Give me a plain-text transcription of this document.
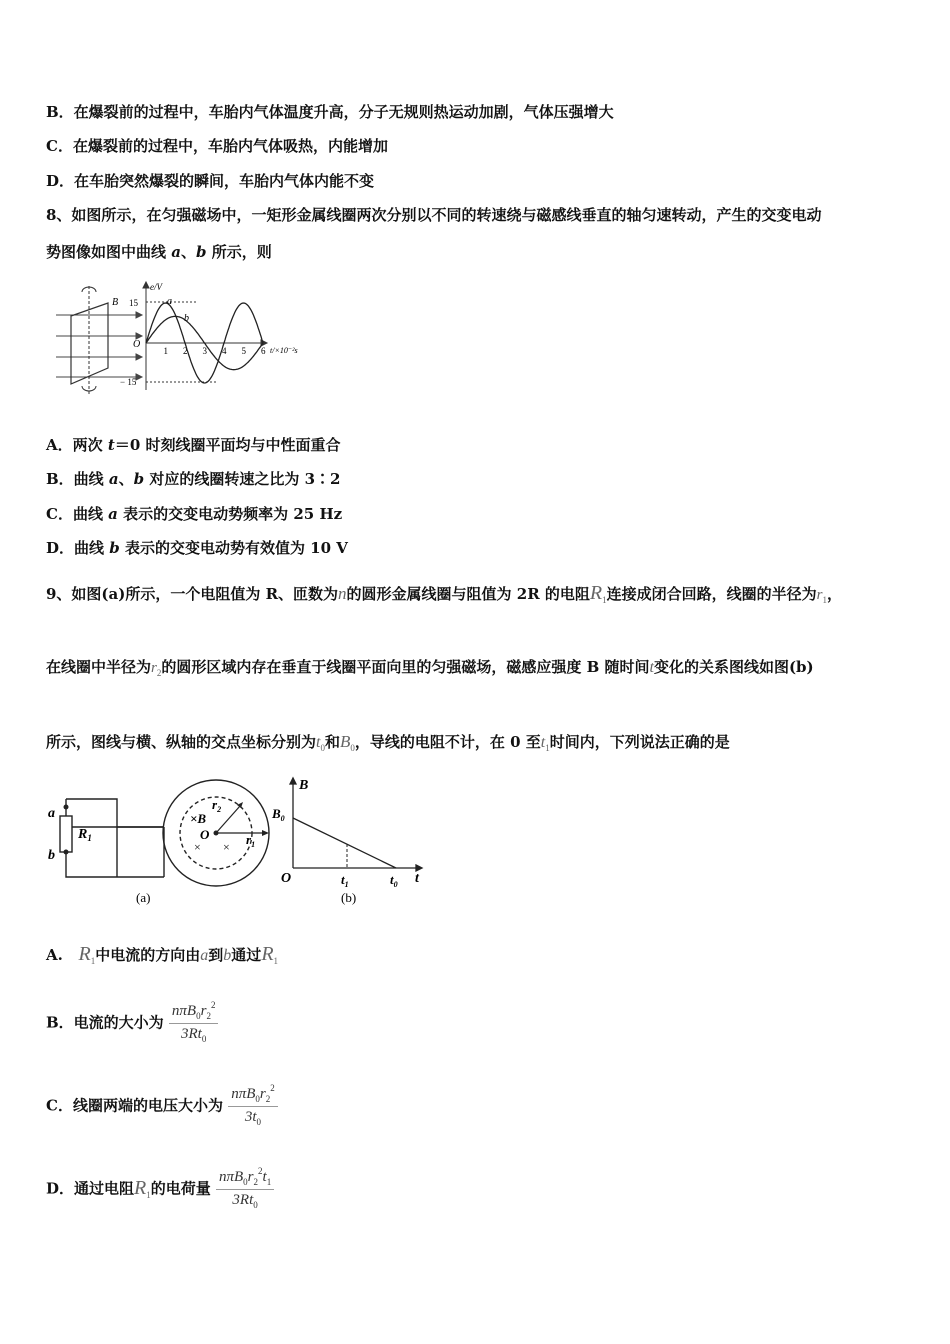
B．在爆裂前的过程中，车胎内气体温度升高，分子无规则热运动加剧，气体压强增大
C．在爆裂前的过程中，车胎内气体吸热，内能增加
D．在车胎突然爆裂的瞬间，车胎内气体内能不变
8、如图所示，在匀强磁场中，一矩形金属线圈两次分别以不同的转速绕与磁感线垂直的轴匀速转动，产生的交变电动
势图像如图中曲线 a、b 所示，则
B
e/V
t/×10⁻²s
O
15
− 15
1 2 3 4 5 6
a
b
A．两次 t＝0 时刻线圈平面均与中性面重合
B．曲线 a、b 对应的线圈转速之比为 3∶2
C．曲线 a 表示的交变电动势频率为 25 Hz
D．曲线 b 表示的交变电动势有效值为 10 V
9、如图(a)所示，一个电阻值为 R、匝数为n的圆形金属线圈与阻值为 2R 的电阻$R_1$连接成闭合回路，线圈的半径为$r_1$，
在线圈中半径为$r_2$的圆形区域内存在垂直于线圈平面向里的匀强磁场，磁感应强度 B 随时间t变化的关系图线如图(b)
所示，图线与横、纵轴的交点坐标分别为$t_0$和$B_0$，导线的电阻不计，在 0 至$t_1$时间内，下列说法正确的是
a
b
$R_1$
$r_2$
$r_1$
×B
O
× ×
(a)
B
$B_0$
O	$t_1$	$t_0$ t
(b)
A. $R_1$中电流的方向由a到b通过$R_1$
B．电流的大小为 $\frac{n\pi B_0r_2^2}{3Rt_0}$
C．线圈两端的电压大小为 $\frac{n\pi B_0r_2^2}{3t_0}$
D．通过电阻$R_1$的电荷量 $\frac{n\pi B_0r_2^2t_1}{3Rt_0}$
